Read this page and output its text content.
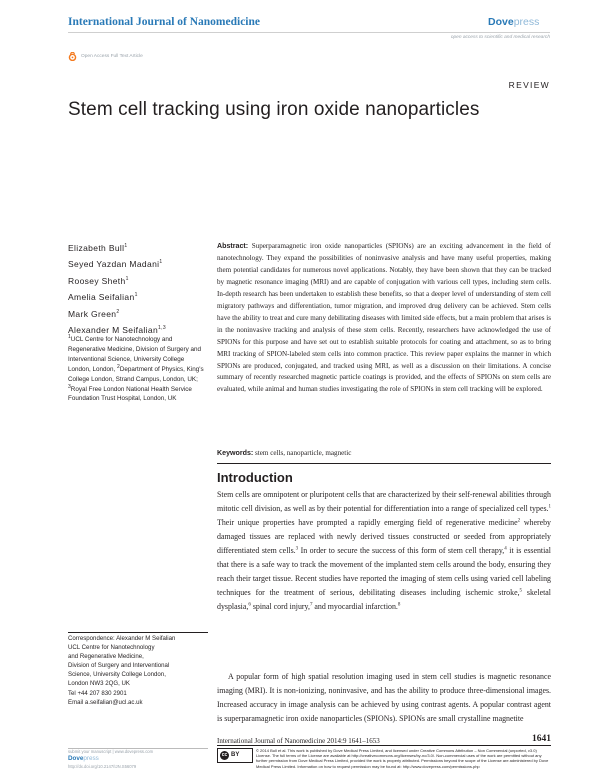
International Journal of Nanomedicine	Dovepress
open access to scientific and medical research
Open Access Full Text Article
REVIEW
Stem cell tracking using iron oxide nanoparticles
Elizabeth Bull$^1$
Seyed Yazdan Madani$^1$
Roosey Sheth$^1$
Amelia Seifalian$^1$
Mark Green$^2$
Alexander M Seifalian$^{1,3}$
$^1$UCL Centre for Nanotechnology and Regenerative Medicine, Division of Surgery and Interventional Science, University College London, London, $^2$Department of Physics, King's College London, Strand Campus, London, UK; $^3$Royal Free London National Health Service Foundation Trust Hospital, London, UK
Abstract: Superparamagnetic iron oxide nanoparticles (SPIONs) are an exciting advancement in the field of nanotechnology. They expand the possibilities of noninvasive analysis and have many useful properties, making them potential candidates for numerous novel applications. Notably, they have been shown that they can be tracked by magnetic resonance imaging (MRI) and are capable of conjugation with various cell types, including stem cells. In-depth research has been undertaken to establish these benefits, so that a deeper level of understanding of stem cell migratory pathways and differentiation, tumor migration, and improved drug delivery can be achieved. Stem cells have the ability to treat and cure many debilitating diseases with limited side effects, but a main problem that arises is in the noninvasive tracking and analysis of these stem cells. Recently, researchers have acknowledged the use of SPIONs for this purpose and have set out to establish suitable protocols for coating and attachment, so as to bring MRI tracking of SPION-labeled stem cells into common practice. This review paper explains the manner in which SPIONs are produced, conjugated, and tracked using MRI, as well as a discussion on their limitations. A concise summary of recently researched magnetic particle coatings is provided, and the effects of SPIONs on stem cells are evaluated, while animal and human studies investigating the role of SPIONs in stem cell tracking will be explored.
Keywords: stem cells, nanoparticle, magnetic
Introduction
Stem cells are omnipotent or pluripotent cells that are characterized by their self-renewal abilities through mitotic cell division, as well as by their potential for differentiation into a range of specialized cell types.$^1$ Their unique properties have prompted a rapidly emerging field of regenerative medicine$^2$ whereby damaged tissues are replaced with newly derived tissues constructed or seeded from appropriately differentiated stem cells.$^3$ In order to secure the success of this form of stem cell therapy,$^4$ it is essential that there is a safe way to track the movement of the implanted stem cells around the body, ensuring they reach their target tissue. Recent studies have reported the imaging of stem cells using varied cell labeling techniques for the treatment of serious, debilitating diseases including ischemic stroke,$^5$ skeletal dysplasia,$^6$ spinal cord injury,$^7$ and myocardial infarction.$^8$
A popular form of high spatial resolution imaging used in stem cell studies is magnetic resonance imaging (MRI). It is non-ionizing, noninvasive, and has the ability to produce three-dimensional images. Increased accuracy in image analysis can be achieved by using contrast agents. A popular contrast agent is superparamagnetic iron oxide nanoparticles (SPIONs). SPIONs are small crystalline magnetite
Correspondence: Alexander M Seifalian
UCL Centre for Nanotechnology
and Regenerative Medicine,
Division of Surgery and Interventional
Science, University College London,
London NW3 2QG, UK
Tel +44 207 830 2901
Email a.seifalian@ucl.ac.uk
submit your manuscript | www.dovepress.com
Dovepress
http://dx.doi.org/10.2147/IJN.S56079
International Journal of Nanomedicine 2014:9 1641–1653	1641
cc BY
© 2014 Bull et al. This work is published by Dove Medical Press Limited, and licensed under Creative Commons Attribution – Non Commercial (unported, v3.0) License. The full terms of the License are available at http://creativecommons.org/licenses/by-nc/3.0/. Non-commercial uses of the work are permitted without any further permission from Dove Medical Press Limited, provided the work is properly attributed. Permissions beyond the scope of the License are administered by Dove Medical Press Limited. Information on how to request permission may be found at: http://www.dovepress.com/permissions.php
